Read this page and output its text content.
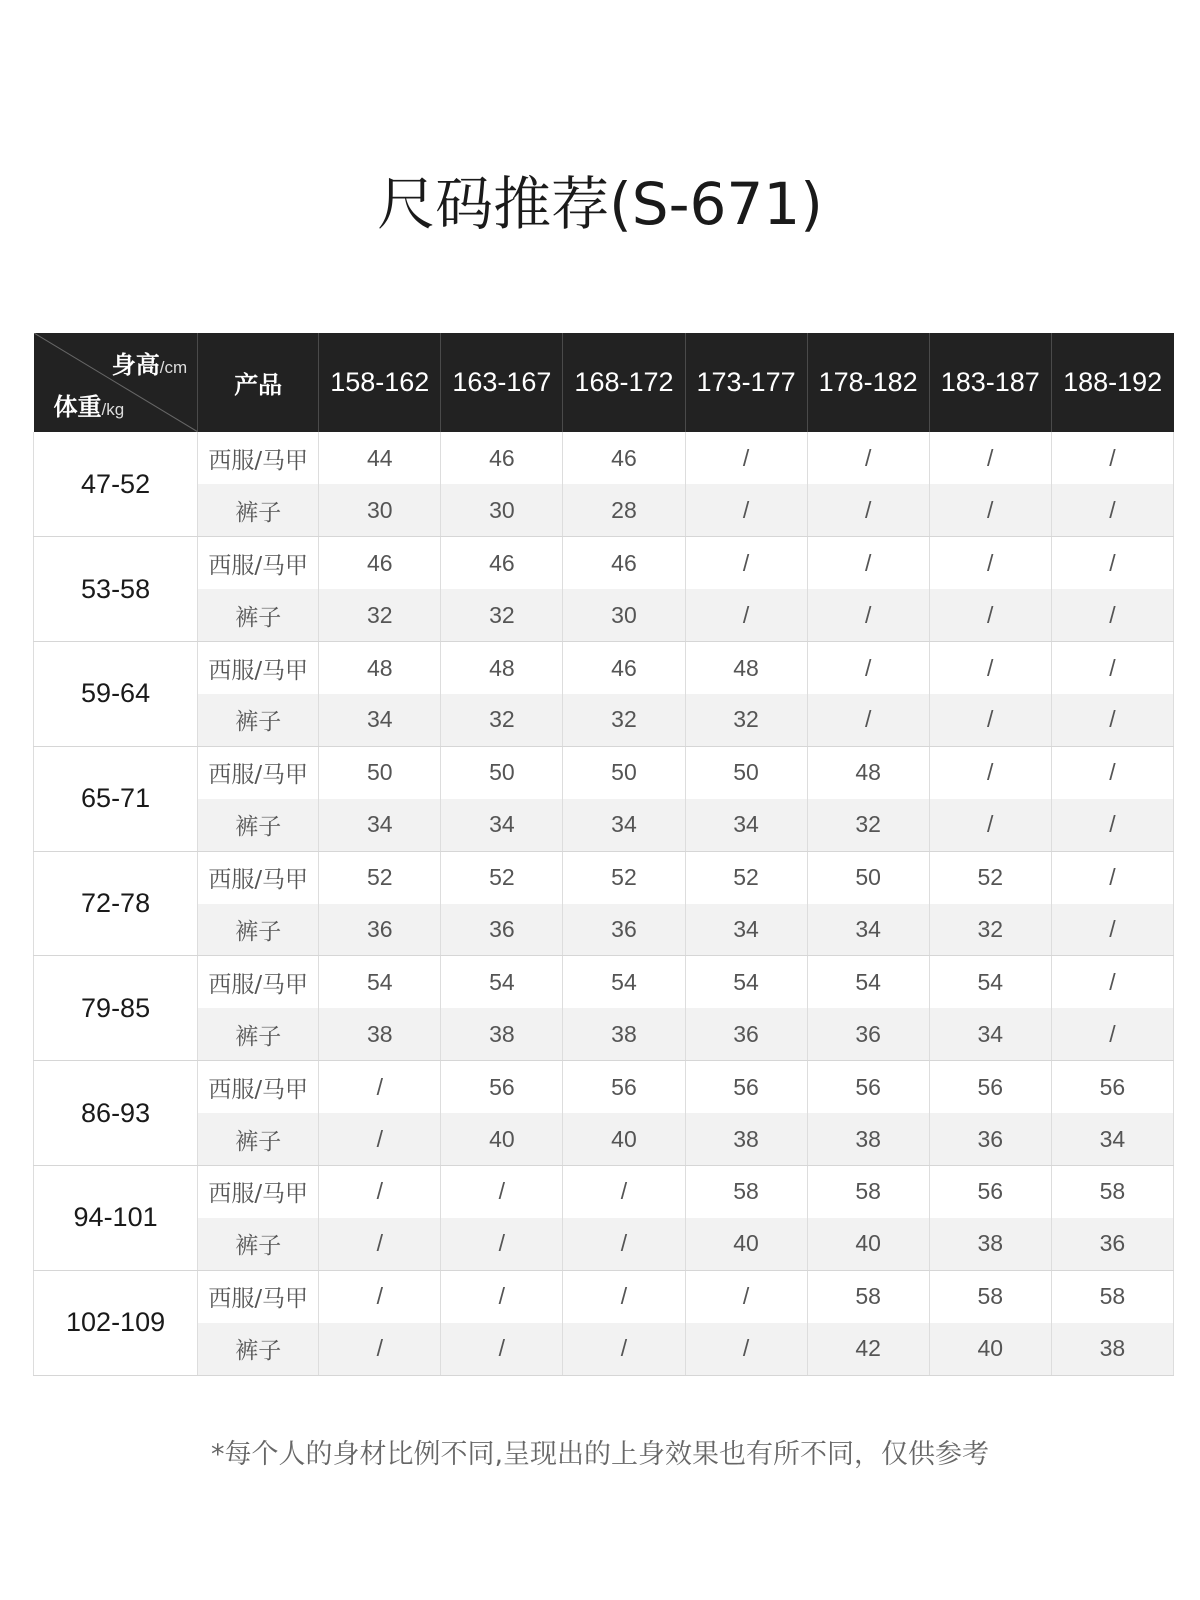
尺码推荐(S-671)
身高/cm
体重/kg	产品	158-162	163-167	168-172	173-177	178-182	183-187	188-192
47-52	西服/马甲	44	46	46	/	/	/	/
	裤子	30	30	28	/	/	/	/
53-58	西服/马甲	46	46	46	/	/	/	/
	裤子	32	32	30	/	/	/	/
59-64	西服/马甲	48	48	46	48	/	/	/
	裤子	34	32	32	32	/	/	/
65-71	西服/马甲	50	50	50	50	48	/	/
	裤子	34	34	34	34	32	/	/
72-78	西服/马甲	52	52	52	52	50	52	/
	裤子	36	36	36	34	34	32	/
79-85	西服/马甲	54	54	54	54	54	54	/
	裤子	38	38	38	36	36	34	/
86-93	西服/马甲	/	56	56	56	56	56	56
	裤子	/	40	40	38	38	36	34
94-101	西服/马甲	/	/	/	58	58	56	58
	裤子	/	/	/	40	40	38	36
102-109	西服/马甲	/	/	/	/	58	58	58
	裤子	/	/	/	/	42	40	38
*每个人的身材比例不同,呈现出的上身效果也有所不同，仅供参考
